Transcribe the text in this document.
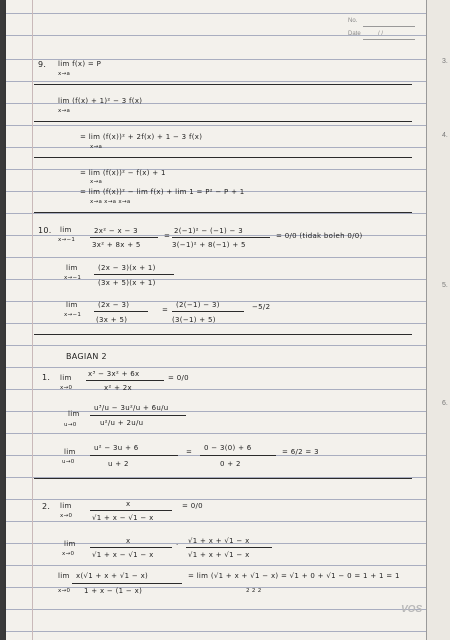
No.
Date	/ /
9. lim f(x) = P
x→a
lim (f(x) + 1)² − 3 f(x)
x→a
= lim (f(x))² + 2f(x) + 1 − 3 f(x)
x→a
= lim (f(x))² − f(x) + 1
x→a
= lim (f(x))² − lim f(x) + lim 1 = P² − P + 1
x→a x→a x→a
10. lim
x→−1
2x² − x − 3
3x² + 8x + 5
=
2(−1)² − (−1) − 3
3(−1)² + 8(−1) + 5
= 0/0 (tidak boleh 0/0)
lim
x→−1
(2x − 3)(x + 1)
(3x + 5)(x + 1)
lim
x→−1
(2x − 3)
(3x + 5)
=
(2(−1) − 3)
(3(−1) + 5)
−5/2
BAGIAN 2
1. lim
x→0
x³ − 3x² + 6x
x² + 2x
= 0/0
lim
u→0
u³/u − 3u²/u + 6u/u
u²/u + 2u/u
lim
u→0
u² − 3u + 6
u + 2
= 0 − 3(0) + 6
0 + 2
= 6/2 = 3
2. lim
x→0
x
√1 + x − √1 − x
= 0/0
lim
x→0
x
√1 + x − √1 − x
· √1 + x + √1 − x
√1 + x + √1 − x
lim
x→0
x(√1 + x + √1 − x)
1 + x − (1 − x)
= lim (√1 + x + √1 − x) = √1 + 0 + √1 − 0 = 1 + 1 = 1
2 2 2
VOS
3.
4.
5.
6.
